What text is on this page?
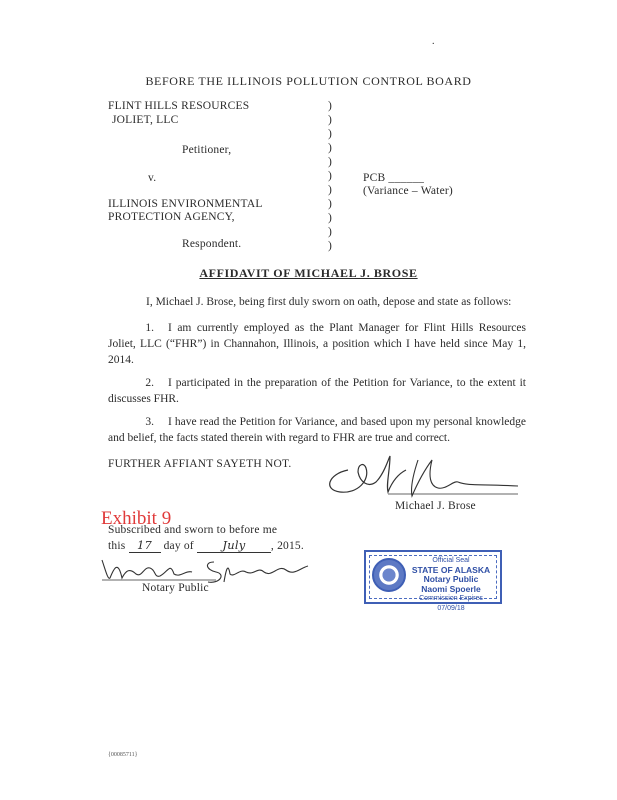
.
BEFORE THE ILLINOIS POLLUTION CONTROL BOARD
FLINT HILLS RESOURCES
JOLIET, LLC
Petitioner,
v.
ILLINOIS ENVIRONMENTAL
PROTECTION AGENCY,
Respondent.
)
)
)
)
)
)
)
)
)
)
)
PCB ______
(Variance – Water)
AFFIDAVIT OF MICHAEL J. BROSE
I, Michael J. Brose, being first duly sworn on oath, depose and state as follows:
1. I am currently employed as the Plant Manager for Flint Hills Resources Joliet, LLC (“FHR”) in Channahon, Illinois, a position which I have held since May 1, 2014.
2. I participated in the preparation of the Petition for Variance, to the extent it discusses FHR.
3. I have read the Petition for Variance, and based upon my personal knowledge and belief, the facts stated therein with regard to FHR are true and correct.
FURTHER AFFIANT SAYETH NOT.
Michael J. Brose
Exhibit 9
Subscribed and sworn to before me
this 17 day of July , 2015.
Notary Public
Official Seal
STATE OF ALASKA
Notary Public
Naomi Spoerle
Commission Expires 07/09/18
{00085711}
